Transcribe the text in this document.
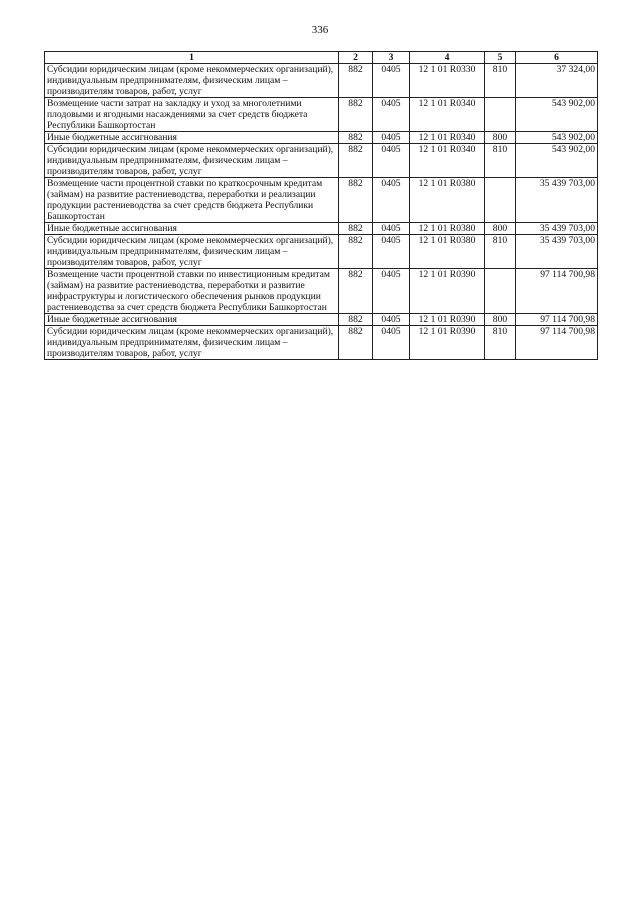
336
1	2	3	4	5	6
Субсидии юридическим лицам (кроме некоммерческих организаций), индивидуальным предпринимателям, физическим лицам – производителям товаров, работ, услуг	882	0405	12 1 01 R0330	810	37 324,00
Возмещение части затрат на закладку и уход за многолетними плодовыми и ягодными насаждениями за счет средств бюджета Республики Башкортостан	882	0405	12 1 01 R0340		543 902,00
Иные бюджетные ассигнования	882	0405	12 1 01 R0340	800	543 902,00
Субсидии юридическим лицам (кроме некоммерческих организаций), индивидуальным предпринимателям, физическим лицам – производителям товаров, работ, услуг	882	0405	12 1 01 R0340	810	543 902,00
Возмещение части процентной ставки по краткосрочным кредитам (займам) на развитие растениеводства, переработки и реализации продукции растениеводства за счет средств бюджета Республики Башкортостан	882	0405	12 1 01 R0380		35 439 703,00
Иные бюджетные ассигнования	882	0405	12 1 01 R0380	800	35 439 703,00
Субсидии юридическим лицам (кроме некоммерческих организаций), индивидуальным предпринимателям, физическим лицам – производителям товаров, работ, услуг	882	0405	12 1 01 R0380	810	35 439 703,00
Возмещение части процентной ставки по инвестиционным кредитам (займам) на развитие растениеводства, переработки и развитие инфраструктуры и логистического обеспечения рынков продукции растениеводства за счет средств бюджета Республики Башкортостан	882	0405	12 1 01 R0390		97 114 700,98
Иные бюджетные ассигнования	882	0405	12 1 01 R0390	800	97 114 700,98
Субсидии юридическим лицам (кроме некоммерческих организаций), индивидуальным предпринимателям, физическим лицам – производителям товаров, работ, услуг	882	0405	12 1 01 R0390	810	97 114 700,98
